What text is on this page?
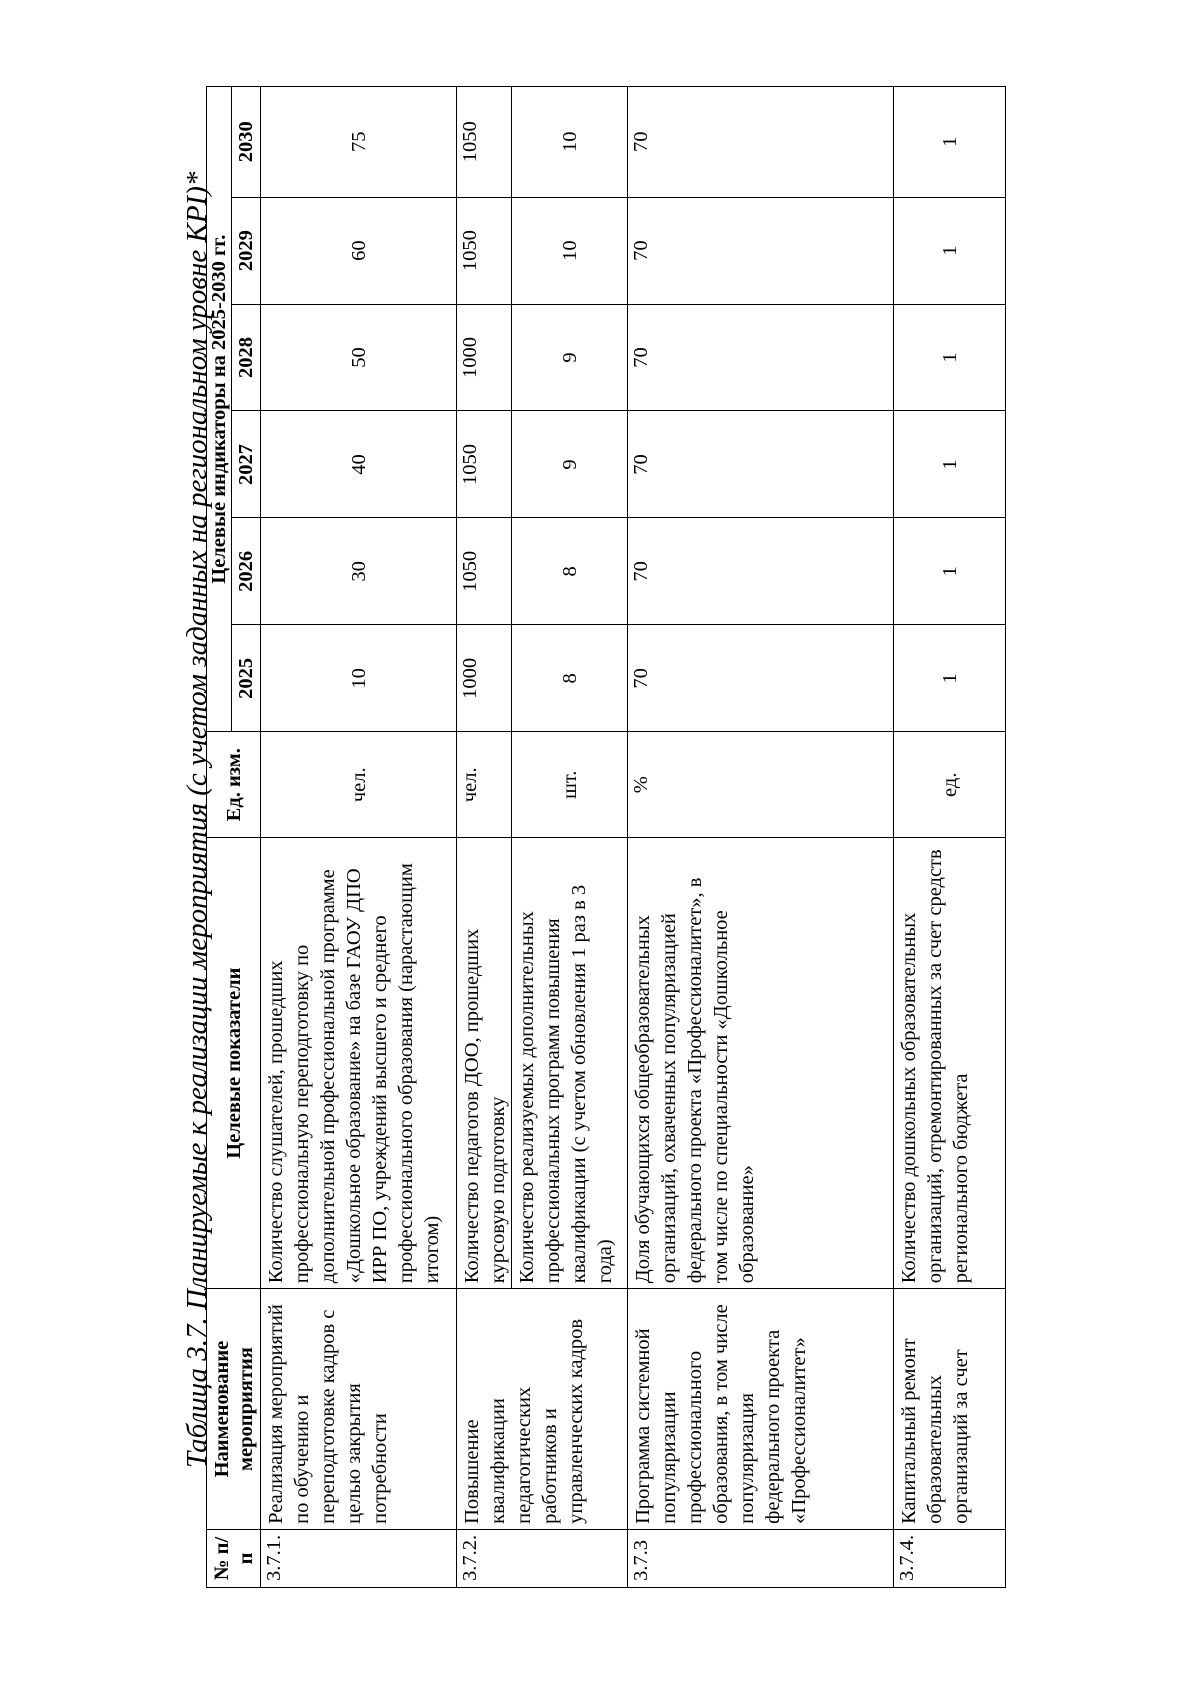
Таблица 3.7. Планируемые к реализации мероприятия (с учетом заданных на региональном уровне KPI)*
№ п/п	Наименование мероприятия	Целевые показатели	Ед. изм.	Целевые индикаторы на 2025-2030 гг.					
				2025	2026	2027	2028	2029	2030
3.7.1.	Реализация мероприятий по обучению и переподготовке кадров с целью закрытия потребности	Количество слушателей, прошедших профессиональную переподготовку по дополнительной профессиональной программе «Дошкольное образование» на базе ГАОУ ДПО ИРР ПО, учреждений высшего и среднего профессионального образования (нарастающим итогом)	чел.	10	30	40	50	60	75
3.7.2.	Повышение квалификации педагогических работников и управленческих кадров	Количество педагогов ДОО, прошедших курсовую подготовку	чел.	1000	1050	1050	1000	1050	1050
		Количество реализуемых дополнительных профессиональных программ повышения квалификации (с учетом обновления 1 раз в 3 года)	шт.	8	8	9	9	10	10
3.7.3	Программа системной популяризации профессионального образования, в том числе популяризация федерального проекта «Профессионалитет»	Доля обучающихся общеобразовательных организаций, охваченных популяризацией федерального проекта «Профессионалитет», в том числе по специальности «Дошкольное образование»	%	70	70	70	70	70	70
3.7.4.	Капитальный ремонт образовательных организаций за счет	Количество дошкольных образовательных организаций, отремонтированных за счет средств регионального бюджета	ед.	1	1	1	1	1	1
